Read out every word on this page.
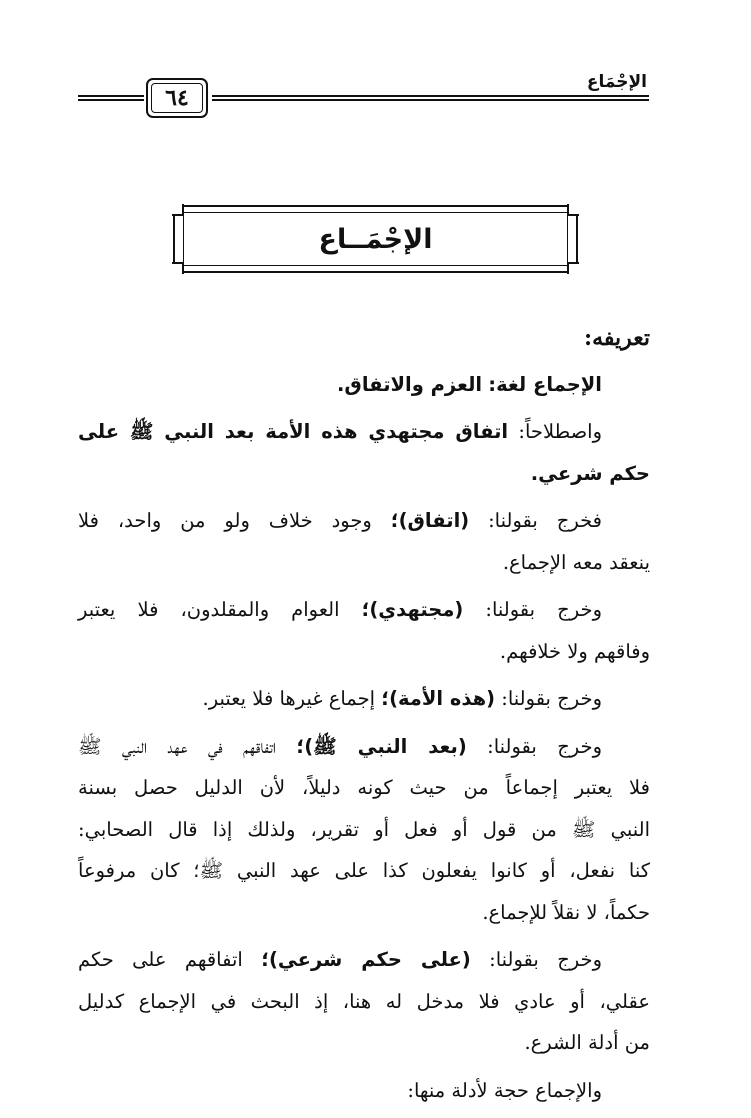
٦٤
الإجْمَاع
الإجْمَــاع

تعريفه:

الإجماع لغة: العزم والاتفاق.

واصطلاحاً: اتفاق مجتهدي هذه الأمة بعد النبي ﷺ على
حكم شرعي.

فخرج بقولنا: (اتفاق)؛ وجود خلاف ولو من واحد، فلا
ينعقد معه الإجماع.

وخرج بقولنا: (مجتهدي)؛ العوام والمقلدون، فلا يعتبر
وفاقهم ولا خلافهم.

وخرج بقولنا: (هذه الأمة)؛ إجماع غيرها فلا يعتبر.

وخرج بقولنا: (بعد النبي ﷺ)؛ اتفاقهم في عهد النبي ﷺ
فلا يعتبر إجماعاً من حيث كونه دليلاً، لأن الدليل حصل بسنة
النبي ﷺ من قول أو فعل أو تقرير، ولذلك إذا قال الصحابي:
كنا نفعل، أو كانوا يفعلون كذا على عهد النبي ﷺ؛ كان مرفوعاً
حكماً، لا نقلاً للإجماع.

وخرج بقولنا: (على حكم شرعي)؛ اتفاقهم على حكم
عقلي، أو عادي فلا مدخل له هنا، إذ البحث في الإجماع كدليل
من أدلة الشرع.

والإجماع حجة لأدلة منها:
